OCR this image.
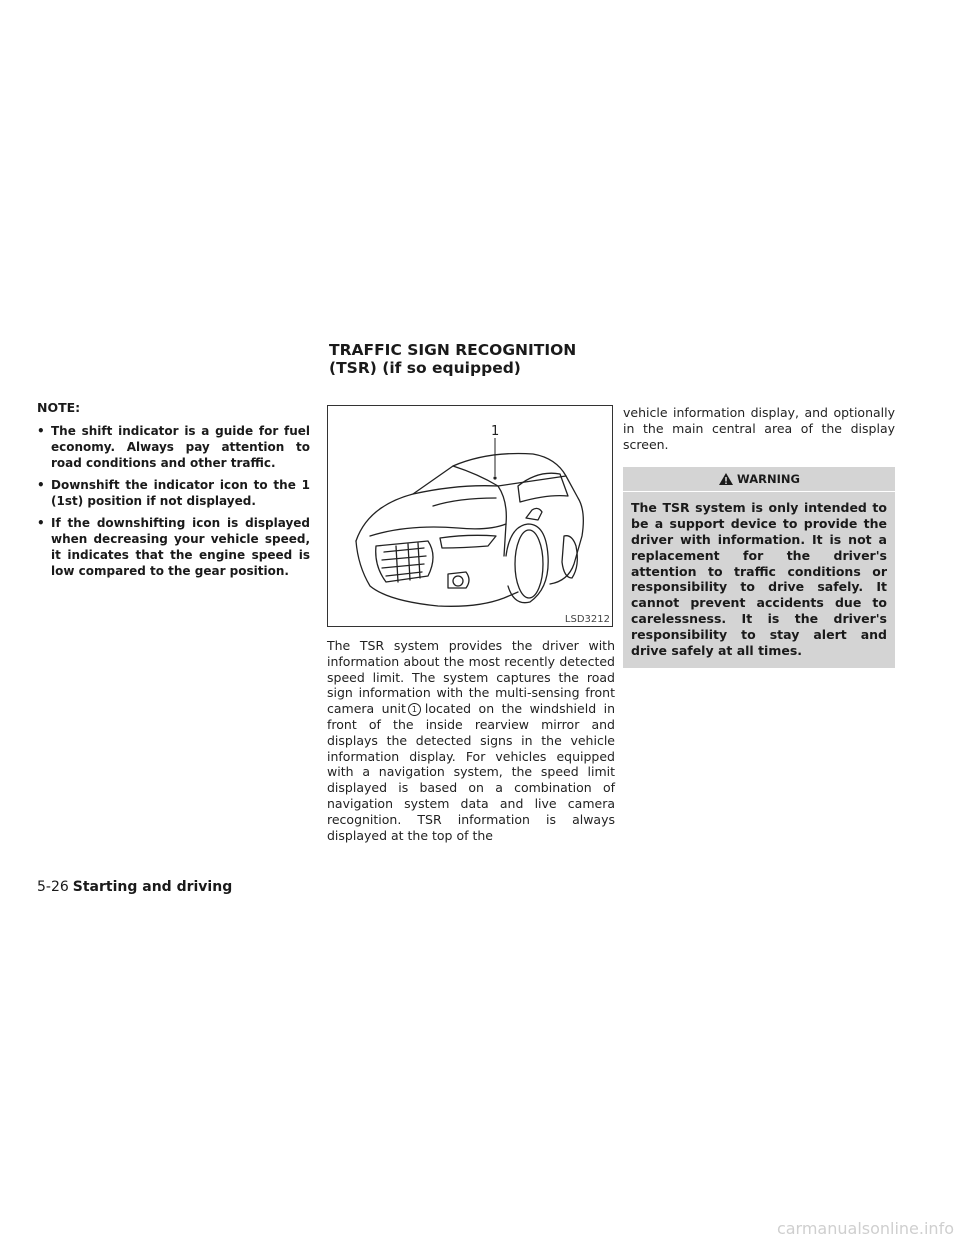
TRAFFIC SIGN RECOGNITION (TSR) (if so equipped)

NOTE:

• The shift indicator is a guide for fuel economy. Always pay attention to road conditions and other traffic.
• Downshift the indicator icon to the 1 (1st) position if not displayed.
• If the downshifting icon is displayed when decreasing your vehicle speed, it indicates that the engine speed is low compared to the gear position.
1
LSD3212

The TSR system provides the driver with information about the most recently detected speed limit. The system captures the road sign information with the multi-sensing front camera unit 1 located on the windshield in front of the inside rearview mirror and displays the detected signs in the vehicle information display. For vehicles equipped with a navigation system, the speed limit displayed is based on a combination of navigation system data and live camera recognition. TSR information is always displayed at the top of the

vehicle information display, and optionally in the main central area of the display screen.

WARNING

The TSR system is only intended to be a support device to provide the driver with information. It is not a replacement for the driver's attention to traffic conditions or responsibility to drive safely. It cannot prevent accidents due to carelessness. It is the driver's responsibility to stay alert and drive safely at all times.

5-26 Starting and driving
carmanualsonline.info
